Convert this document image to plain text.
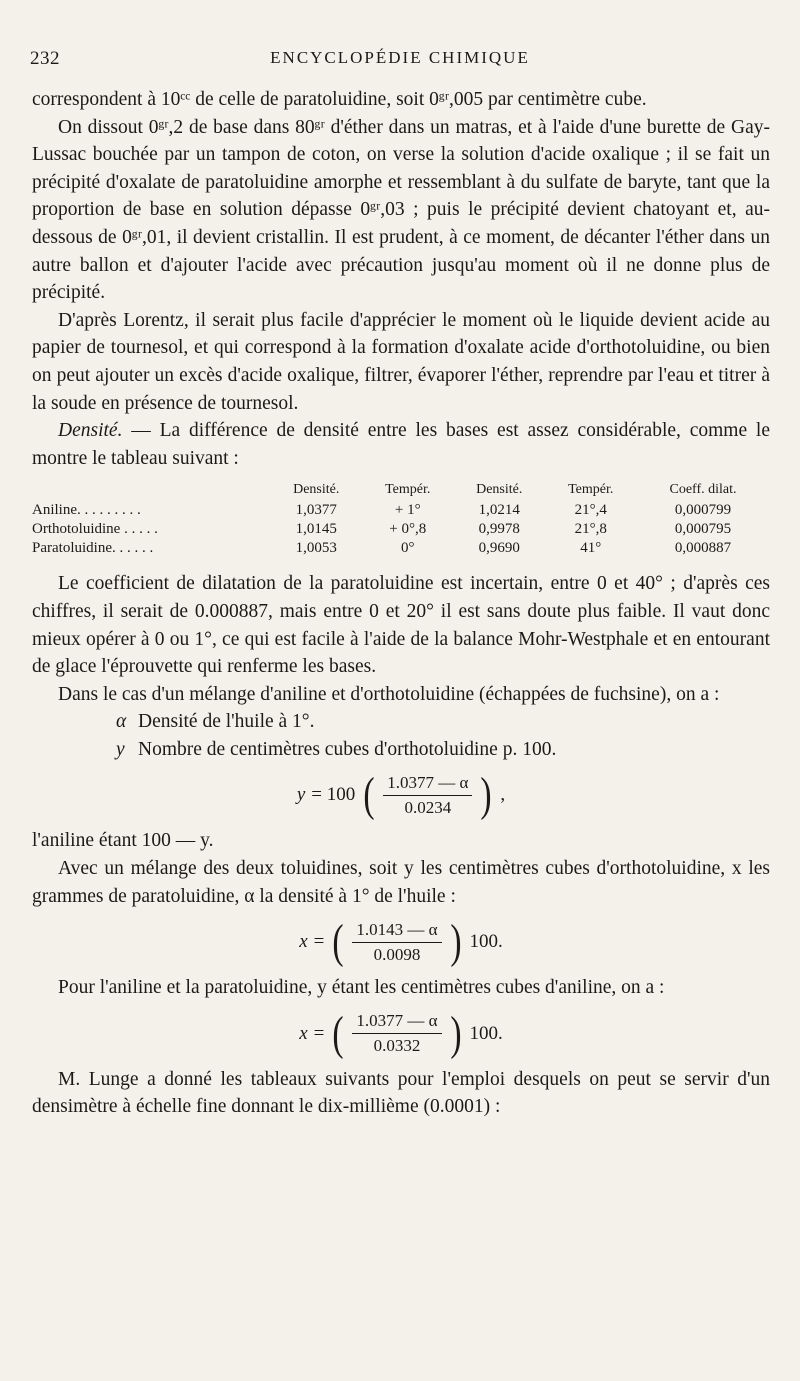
232	ENCYCLOPÉDIE CHIMIQUE

correspondent à 10ᶜᶜ de celle de paratoluidine, soit 0ᵍʳ,005 par centimètre cube.

On dissout 0ᵍʳ,2 de base dans 80ᵍʳ d'éther dans un matras, et à l'aide d'une burette de Gay-Lussac bouchée par un tampon de coton, on verse la solution d'acide oxalique ; il se fait un précipité d'oxalate de paratoluidine amorphe et ressemblant à du sulfate de baryte, tant que la proportion de base en solution dépasse 0ᵍʳ,03 ; puis le précipité devient chatoyant et, au-dessous de 0ᵍʳ,01, il devient cristallin. Il est prudent, à ce moment, de décanter l'éther dans un autre ballon et d'ajouter l'acide avec précaution jusqu'au moment où il ne donne plus de précipité.

D'après Lorentz, il serait plus facile d'apprécier le moment où le liquide devient acide au papier de tournesol, et qui correspond à la formation d'oxalate acide d'orthotoluidine, ou bien on peut ajouter un excès d'acide oxalique, filtrer, évaporer l'éther, reprendre par l'eau et titrer à la soude en présence de tournesol.

Densité. — La différence de densité entre les bases est assez considérable, comme le montre le tableau suivant :

	Densité.	Tempér.	Densité.	Tempér.	Coeff. dilat.
Aniline. . . . . . . . .	1,0377	+ 1°	1,0214	21°,4	0,000799
Orthotoluidine . . . . .	1,0145	+ 0°,8	0,9978	21°,8	0,000795
Paratoluidine. . . . . .	1,0053	0°	0,9690	41°	0,000887

Le coefficient de dilatation de la paratoluidine est incertain, entre 0 et 40° ; d'après ces chiffres, il serait de 0.000887, mais entre 0 et 20° il est sans doute plus faible. Il vaut donc mieux opérer à 0 ou 1°, ce qui est facile à l'aide de la balance Mohr-Westphale et en entourant de glace l'éprouvette qui renferme les bases.

Dans le cas d'un mélange d'aniline et d'orthotoluidine (échappées de fuchsine), on a :

α Densité de l'huile à 1°.
y Nombre de centimètres cubes d'orthotoluidine p. 100.
y = 100 ( $\frac{1.0377 — \alpha}{0.0234}$ ) ,

l'aniline étant 100 — y.

Avec un mélange des deux toluidines, soit y les centimètres cubes d'orthotoluidine, x les grammes de paratoluidine, α la densité à 1° de l'huile :

x = ( $\frac{1.0143 — \alpha}{0.0098}$ ) 100.

Pour l'aniline et la paratoluidine, y étant les centimètres cubes d'aniline, on a :

x = ( $\frac{1.0377 — \alpha}{0.0332}$ ) 100.

M. Lunge a donné les tableaux suivants pour l'emploi desquels on peut se servir d'un densimètre à échelle fine donnant le dix-millième (0.0001) :
